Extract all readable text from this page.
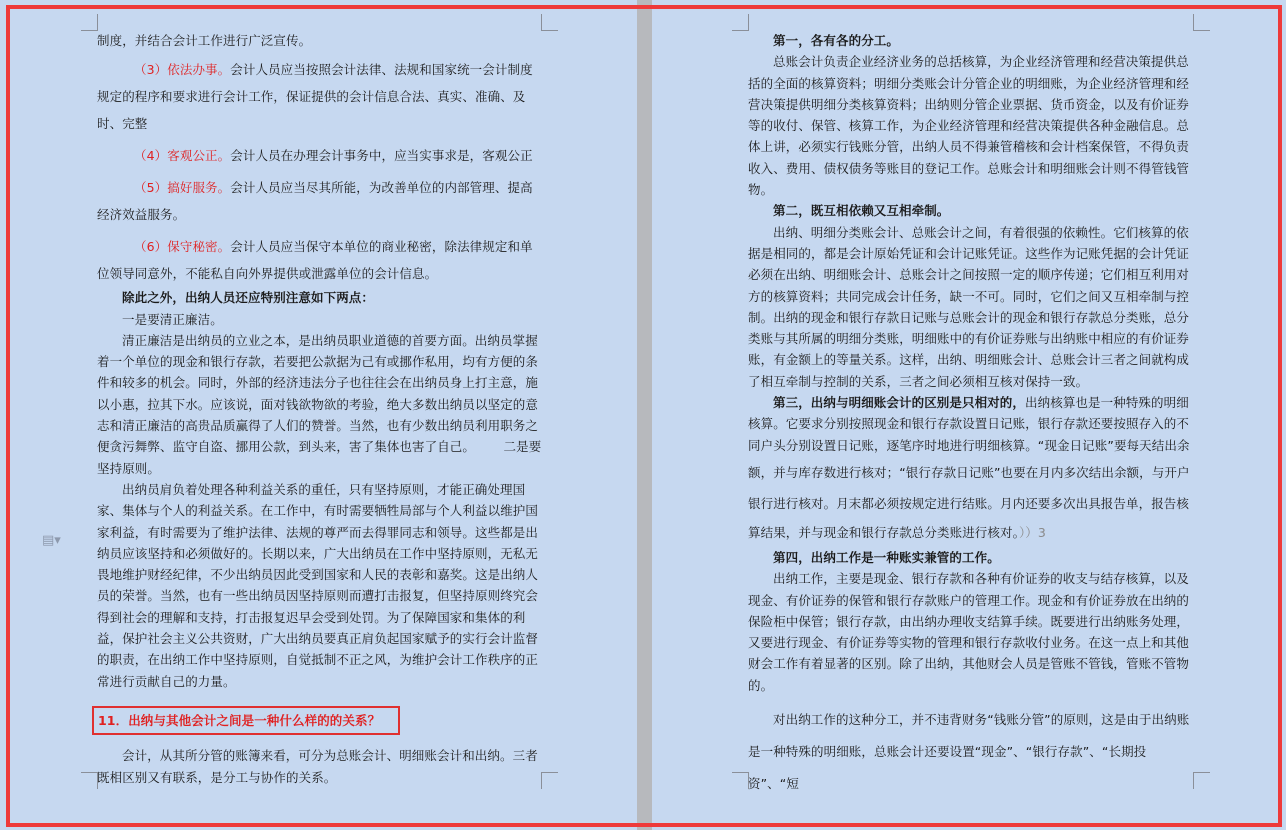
▤▾

制度，并结合会计工作进行广泛宣传。

（3）依法办事。会计人员应当按照会计法律、法规和国家统一会计制度规定的程序和要求进行会计工作，保证提供的会计信息合法、真实、准确、及时、完整

（4）客观公正。会计人员在办理会计事务中，应当实事求是，客观公正

（5）搞好服务。会计人员应当尽其所能，为改善单位的内部管理、提高经济效益服务。

（6）保守秘密。会计人员应当保守本单位的商业秘密，除法律规定和单位领导同意外，不能私自向外界提供或泄露单位的会计信息。

除此之外，出纳人员还应特别注意如下两点：

一是要清正廉洁。

清正廉洁是出纳员的立业之本，是出纳员职业道德的首要方面。出纳员掌握着一个单位的现金和银行存款，若要把公款据为己有或挪作私用，均有方便的条件和较多的机会。同时，外部的经济违法分子也往往会在出纳员身上打主意，施以小惠，拉其下水。应该说，面对钱欲物欲的考验，绝大多数出纳员以坚定的意志和清正廉洁的高贵品质赢得了人们的赞誉。当然，也有少数出纳员利用职务之便贪污舞弊、监守自盗、挪用公款，到头来，害了集体也害了自己。 二是要坚持原则。

出纳员肩负着处理各种利益关系的重任，只有坚持原则，才能正确处理国家、集体与个人的利益关系。在工作中，有时需要牺牲局部与个人利益以维护国家利益，有时需要为了维护法律、法规的尊严而去得罪同志和领导。这些都是出纳员应该坚持和必须做好的。长期以来，广大出纳员在工作中坚持原则，无私无畏地维护财经纪律，不少出纳员因此受到国家和人民的表彰和嘉奖。这是出纳人员的荣誉。当然，也有一些出纳员因坚持原则而遭打击报复，但坚持原则终究会得到社会的理解和支持，打击报复迟早会受到处罚。为了保障国家和集体的利益，保护社会主义公共资财，广大出纳员要真正肩负起国家赋予的实行会计监督的职责，在出纳工作中坚持原则，自觉抵制不正之风，为维护会计工作秩序的正常进行贡献自己的力量。

11．出纳与其他会计之间是一种什么样的的关系？

会计，从其所分管的账簿来看，可分为总账会计、明细账会计和出纳。三者既相区别又有联系，是分工与协作的关系。

第一，各有各的分工。

总账会计负责企业经济业务的总括核算，为企业经济管理和经营决策提供总括的全面的核算资料；明细分类账会计分管企业的明细账，为企业经济管理和经营决策提供明细分类核算资料；出纳则分管企业票据、货币资金，以及有价证券等的收付、保管、核算工作，为企业经济管理和经营决策提供各种金融信息。总体上讲，必须实行钱账分管，出纳人员不得兼管稽核和会计档案保管，不得负责收入、费用、债权债务等账目的登记工作。总账会计和明细账会计则不得管钱管物。

第二，既互相依赖又互相牵制。

出纳、明细分类账会计、总账会计之间，有着很强的依赖性。它们核算的依据是相同的，都是会计原始凭证和会计记账凭证。这些作为记账凭据的会计凭证必须在出纳、明细账会计、总账会计之间按照一定的顺序传递；它们相互利用对方的核算资料；共同完成会计任务，缺一不可。同时，它们之间又互相牵制与控制。出纳的现金和银行存款日记账与总账会计的现金和银行存款总分类账，总分类账与其所属的明细分类账，明细账中的有价证券账与出纳账中相应的有价证券账，有金额上的等量关系。这样，出纳、明细账会计、总账会计三者之间就构成了相互牵制与控制的关系，三者之间必须相互核对保持一致。

第三，出纳与明细账会计的区别是只相对的，出纳核算也是一种特殊的明细核算。它要求分别按照现金和银行存款设置日记账，银行存款还要按照存入的不同户头分别设置日记账，逐笔序时地进行明细核算。“现金日记账”要每天结出余

额，并与库存数进行核对；“银行存款日记账”也要在月内多次结出余额，与开户

银行进行核对。月末都必须按规定进行结账。月内还要多次出具报告单，报告核

算结果，并与现金和银行存款总分类账进行核对。））3

第四，出纳工作是一种账实兼管的工作。

出纳工作，主要是现金、银行存款和各种有价证券的收支与结存核算，以及现金、有价证券的保管和银行存款账户的管理工作。现金和有价证券放在出纳的保险柜中保管；银行存款，由出纳办理收支结算手续。既要进行出纳账务处理，又要进行现金、有价证券等实物的管理和银行存款收付业务。在这一点上和其他财会工作有着显著的区别。除了出纳，其他财会人员是管账不管钱，管账不管物的。

对出纳工作的这种分工，并不违背财务“钱账分管”的原则，这是由于出纳账

是一种特殊的明细账，总账会计还要设置“现金”、“银行存款”、“长期投资”、“短
